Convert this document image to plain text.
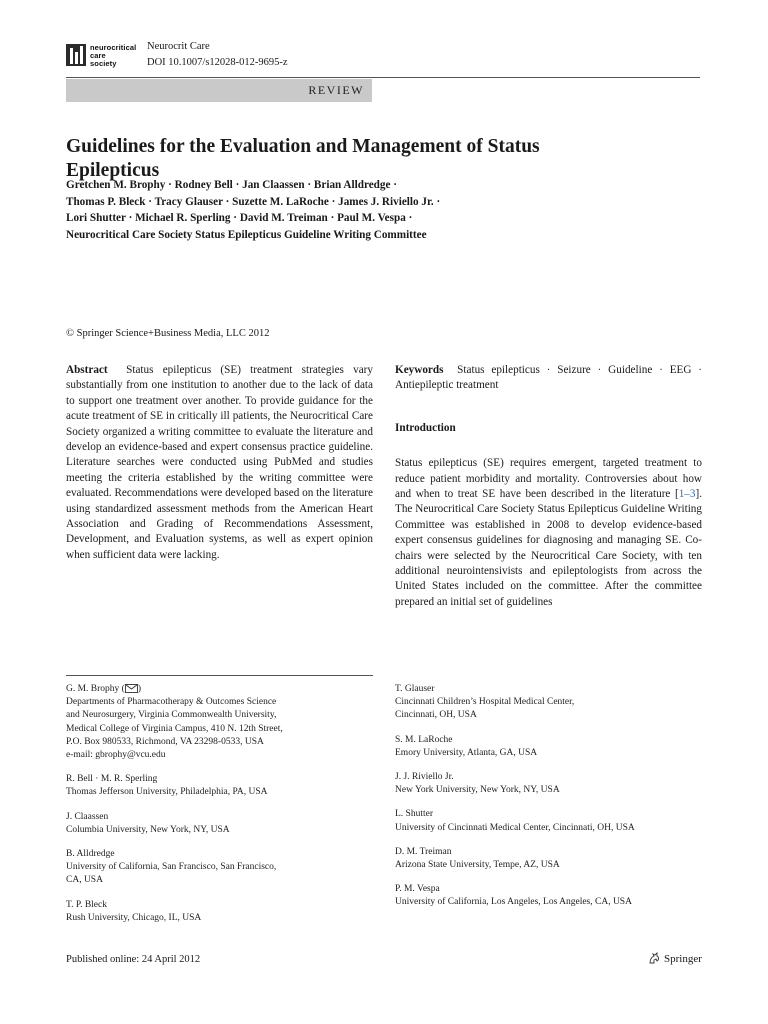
neurocritical
care
society
Neurocrit Care
DOI 10.1007/s12028-012-9695-z
REVIEW
Guidelines for the Evaluation and Management of Status
Epilepticus
Gretchen M. Brophy · Rodney Bell · Jan Claassen · Brian Alldredge ·
Thomas P. Bleck · Tracy Glauser · Suzette M. LaRoche · James J. Riviello Jr. ·
Lori Shutter · Michael R. Sperling · David M. Treiman · Paul M. Vespa ·
Neurocritical Care Society Status Epilepticus Guideline Writing Committee
© Springer Science+Business Media, LLC 2012
Abstract Status epilepticus (SE) treatment strategies vary substantially from one institution to another due to the lack of data to support one treatment over another. To provide guidance for the acute treatment of SE in critically ill patients, the Neurocritical Care Society organized a writing committee to evaluate the literature and develop an evidence-based and expert consensus practice guideline. Literature searches were conducted using PubMed and studies meeting the criteria established by the writing committee were evaluated. Recommendations were developed based on the literature using standardized assessment methods from the American Heart Association and Grading of Recommendations Assessment, Development, and Evaluation systems, as well as expert opinion when sufficient data were lacking.

Keywords Status epilepticus · Seizure · Guideline · EEG · Antiepileptic treatment

Introduction
Status epilepticus (SE) requires emergent, targeted treatment to reduce patient morbidity and mortality. Controversies about how and when to treat SE have been described in the literature [1–3]. The Neurocritical Care Society Status Epilepticus Guideline Writing Committee was established in 2008 to develop evidence-based expert consensus guidelines for diagnosing and managing SE. Co-chairs were selected by the Neurocritical Care Society, with ten additional neurointensivists and epileptologists from across the United States included on the committee. After the committee prepared an initial set of guidelines
G. M. Brophy ( )
Departments of Pharmacotherapy & Outcomes Science
and Neurosurgery, Virginia Commonwealth University,
Medical College of Virginia Campus, 410 N. 12th Street,
P.O. Box 980533, Richmond, VA 23298-0533, USA
e-mail: gbrophy@vcu.edu
R. Bell · M. R. Sperling
Thomas Jefferson University, Philadelphia, PA, USA
J. Claassen
Columbia University, New York, NY, USA
B. Alldredge
University of California, San Francisco, San Francisco,
CA, USA
T. P. Bleck
Rush University, Chicago, IL, USA
T. Glauser
Cincinnati Children’s Hospital Medical Center,
Cincinnati, OH, USA
S. M. LaRoche
Emory University, Atlanta, GA, USA
J. J. Riviello Jr.
New York University, New York, NY, USA
L. Shutter
University of Cincinnati Medical Center, Cincinnati, OH, USA
D. M. Treiman
Arizona State University, Tempe, AZ, USA
P. M. Vespa
University of California, Los Angeles, Los Angeles, CA, USA
Published online: 24 April 2012	Springer
